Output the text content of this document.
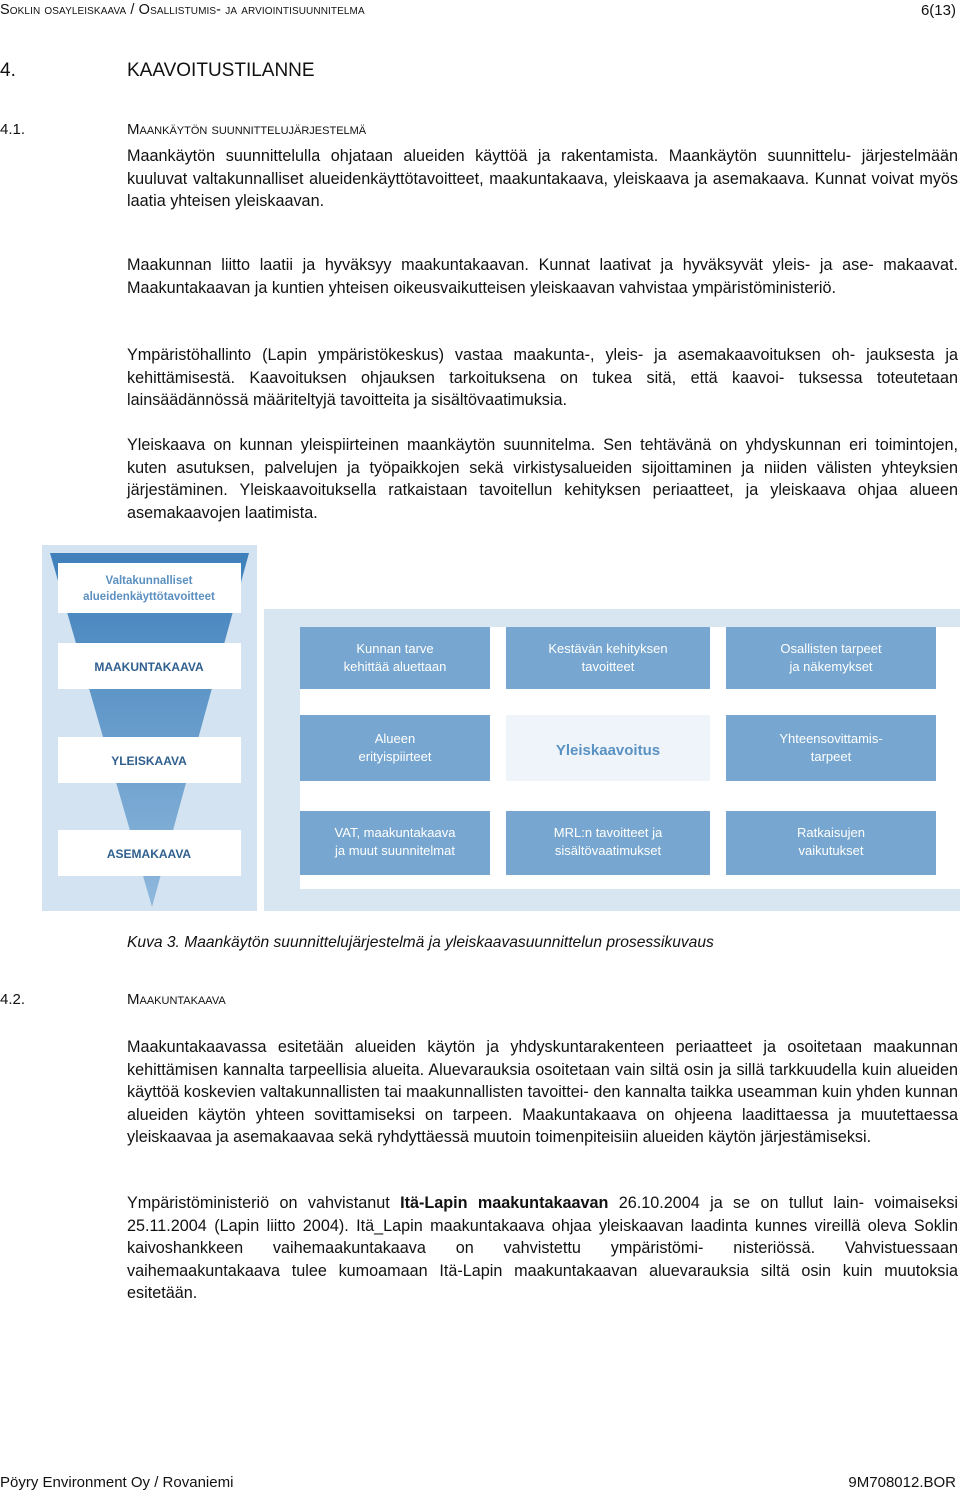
Soklin osayleiskaava / Osallistumis- ja arviointisuunnitelma	6(13)
4.	KAAVOITUSTILANNE
4.1.	Maankäytön suunnittelujärjestelmä

Maankäytön suunnittelulla ohjataan alueiden käyttöä ja rakentamista. Maankäytön suunnittelu- järjestelmään kuuluvat valtakunnalliset alueidenkäyttötavoitteet, maakuntakaava, yleiskaava ja asemakaava. Kunnat voivat myös laatia yhteisen yleiskaavan.

Maakunnan liitto laatii ja hyväksyy maakuntakaavan. Kunnat laativat ja hyväksyvät yleis- ja ase- makaavat. Maakuntakaavan ja kuntien yhteisen oikeusvaikutteisen yleiskaavan vahvistaa ympäristöministeriö.

Ympäristöhallinto (Lapin ympäristökeskus) vastaa maakunta-, yleis- ja asemakaavoituksen oh- jauksesta ja kehittämisestä. Kaavoituksen ohjauksen tarkoituksena on tukea sitä, että kaavoi- tuksessa toteutetaan lainsäädännössä määriteltyjä tavoitteita ja sisältövaatimuksia.

Yleiskaava on kunnan yleispiirteinen maankäytön suunnitelma. Sen tehtävänä on yhdyskunnan eri toimintojen, kuten asutuksen, palvelujen ja työpaikkojen sekä virkistysalueiden sijoittaminen ja niiden välisten yhteyksien järjestäminen. Yleiskaavoituksella ratkaistaan tavoitellun kehityksen periaatteet, ja yleiskaava ohjaa alueen asemakaavojen laatimista.

Valtakunnalliset
alueidenkäyttötavoitteet
MAAKUNTAKAAVA
YLEISKAAVA
ASEMAKAAVA
Kunnan tarve
kehittää aluettaan
Kestävän kehityksen
tavoitteet
Osallisten tarpeet
ja näkemykset
Alueen
erityispiirteet	Yleiskaavoitus
Yhteensovittamis-
tarpeet
VAT, maakuntakaava
ja muut suunnitelmat
MRL:n tavoitteet ja
sisältövaatimukset
Ratkaisujen
vaikutukset
Kuva 3. Maankäytön suunnittelujärjestelmä ja yleiskaavasuunnittelun prosessikuvaus
4.2.	Maakuntakaava

Maakuntakaavassa esitetään alueiden käytön ja yhdyskuntarakenteen periaatteet ja osoitetaan maakunnan kehittämisen kannalta tarpeellisia alueita. Aluevarauksia osoitetaan vain siltä osin ja sillä tarkkuudella kuin alueiden käyttöä koskevien valtakunnallisten tai maakunnallisten tavoittei- den kannalta taikka useamman kuin yhden kunnan alueiden käytön yhteen sovittamiseksi on tarpeen. Maakuntakaava on ohjeena laadittaessa ja muutettaessa yleiskaavaa ja asemakaavaa sekä ryhdyttäessä muutoin toimenpiteisiin alueiden käytön järjestämiseksi.

Ympäristöministeriö on vahvistanut Itä-Lapin maakuntakaavan 26.10.2004 ja se on tullut lain- voimaiseksi 25.11.2004 (Lapin liitto 2004). Itä_Lapin maakuntakaava ohjaa yleiskaavan laadinta kunnes vireillä oleva Soklin kaivoshankkeen vaihemaakuntakaava on vahvistettu ympäristömi- nisteriössä. Vahvistuessaan vaihemaakuntakaava tulee kumoamaan Itä-Lapin maakuntakaavan aluevarauksia siltä osin kuin muutoksia esitetään.

Pöyry Environment Oy / Rovaniemi	9M708012.BOR
